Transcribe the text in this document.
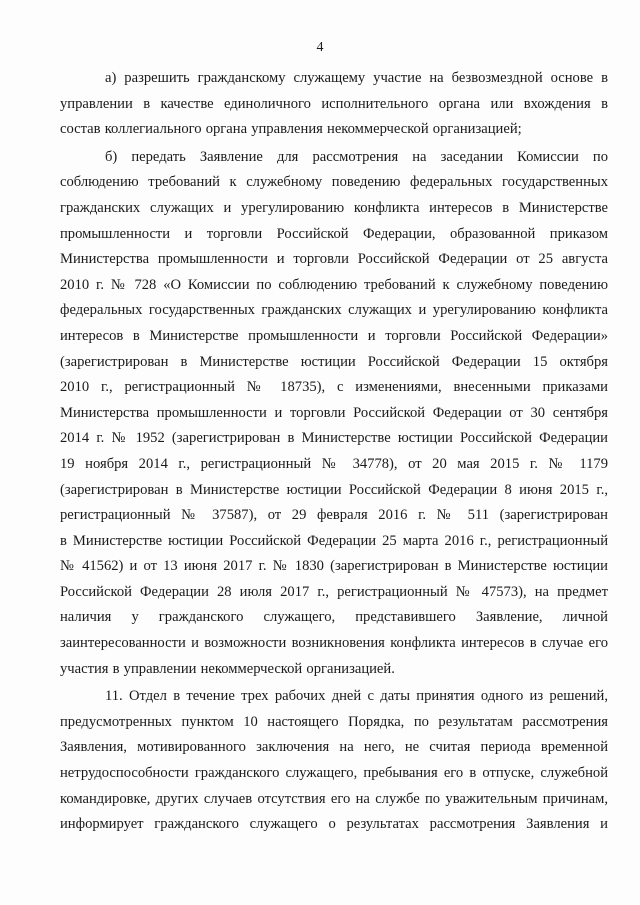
4
а) разрешить гражданскому служащему участие на безвозмездной основе в
управлении в качестве единоличного исполнительного органа или вхождения в
состав коллегиального органа управления некоммерческой организацией;
б) передать Заявление для рассмотрения на заседании Комиссии по
соблюдению требований к служебному поведению федеральных государственных
гражданских служащих и урегулированию конфликта интересов в Министерстве
промышленности и торговли Российской Федерации, образованной приказом
Министерства промышленности и торговли Российской Федерации от 25 августа
2010 г. № 728 «О Комиссии по соблюдению требований к служебному поведению
федеральных государственных гражданских служащих и урегулированию конфликта
интересов в Министерстве промышленности и торговли Российской Федерации»
(зарегистрирован в Министерстве юстиции Российской Федерации 15 октября
2010 г., регистрационный № 18735), с изменениями, внесенными приказами
Министерства промышленности и торговли Российской Федерации от 30 сентября
2014 г. № 1952 (зарегистрирован в Министерстве юстиции Российской Федерации
19 ноября 2014 г., регистрационный № 34778), от 20 мая 2015 г. № 1179
(зарегистрирован в Министерстве юстиции Российской Федерации 8 июня 2015 г.,
регистрационный № 37587), от 29 февраля 2016 г. № 511 (зарегистрирован
в Министерстве юстиции Российской Федерации 25 марта 2016 г., регистрационный
№ 41562) и от 13 июня 2017 г. № 1830 (зарегистрирован в Министерстве юстиции
Российской Федерации 28 июля 2017 г., регистрационный № 47573), на предмет
наличия у гражданского служащего, представившего Заявление, личной
заинтересованности и возможности возникновения конфликта интересов в случае его
участия в управлении некоммерческой организацией.
11. Отдел в течение трех рабочих дней с даты принятия одного из решений,
предусмотренных пунктом 10 настоящего Порядка, по результатам рассмотрения
Заявления, мотивированного заключения на него, не считая периода временной
нетрудоспособности гражданского служащего, пребывания его в отпуске, служебной
командировке, других случаев отсутствия его на службе по уважительным причинам,
информирует гражданского служащего о результатах рассмотрения Заявления и
